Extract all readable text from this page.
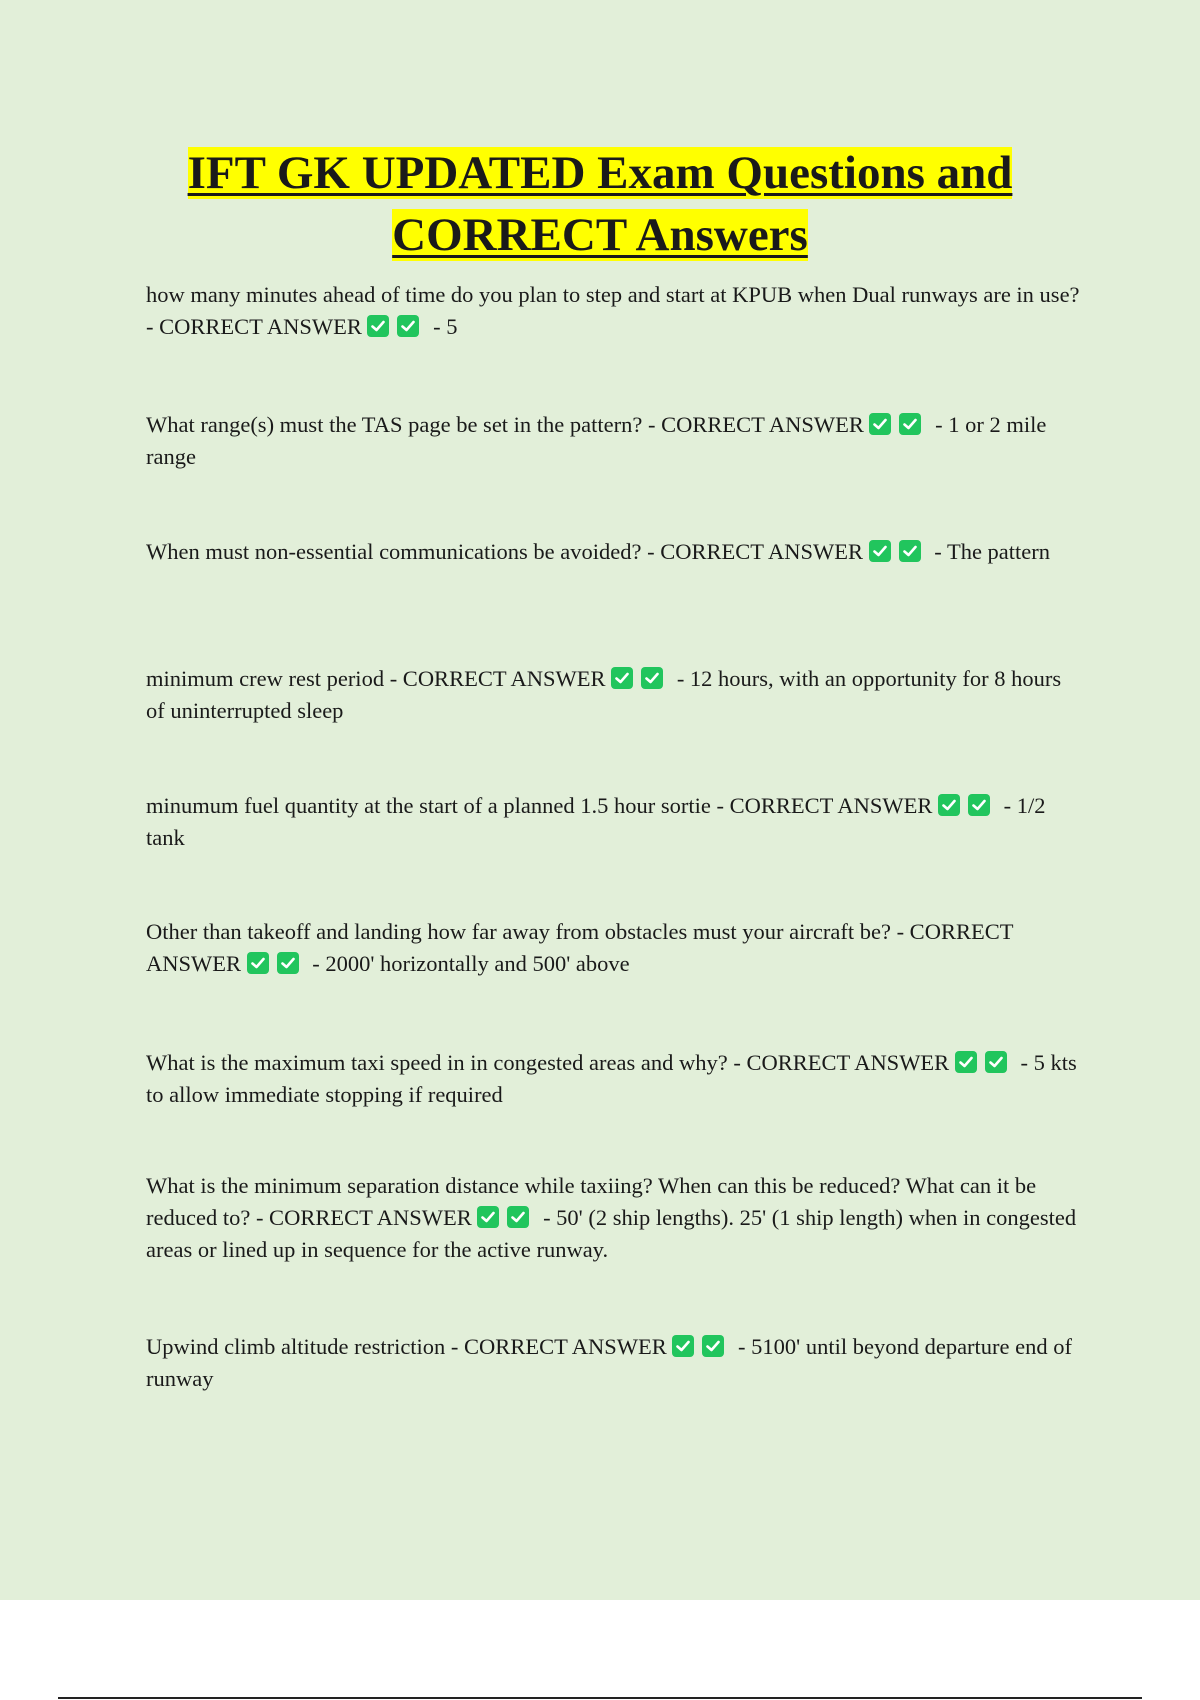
IFT GK UPDATED Exam Questions and
CORRECT Answers

how many minutes ahead of time do you plan to step and start at KPUB when Dual runways are in use? - CORRECT ANSWER	- 5

What range(s) must the TAS page be set in the pattern? - CORRECT ANSWER	- 1 or 2 mile range

When must non-essential communications be avoided? - CORRECT ANSWER	- The pattern

minimum crew rest period - CORRECT ANSWER	- 12 hours, with an opportunity for 8 hours of uninterrupted sleep

minumum fuel quantity at the start of a planned 1.5 hour sortie - CORRECT ANSWER	- 1/2 tank

Other than takeoff and landing how far away from obstacles must your aircraft be? - CORRECT ANSWER	- 2000' horizontally and 500' above

What is the maximum taxi speed in in congested areas and why? - CORRECT ANSWER	- 5 kts to allow immediate stopping if required

What is the minimum separation distance while taxiing? When can this be reduced? What can it be reduced to? - CORRECT ANSWER	- 50' (2 ship lengths). 25' (1 ship length) when in congested areas or lined up in sequence for the active runway.

Upwind climb altitude restriction - CORRECT ANSWER	- 5100' until beyond departure end of runway
